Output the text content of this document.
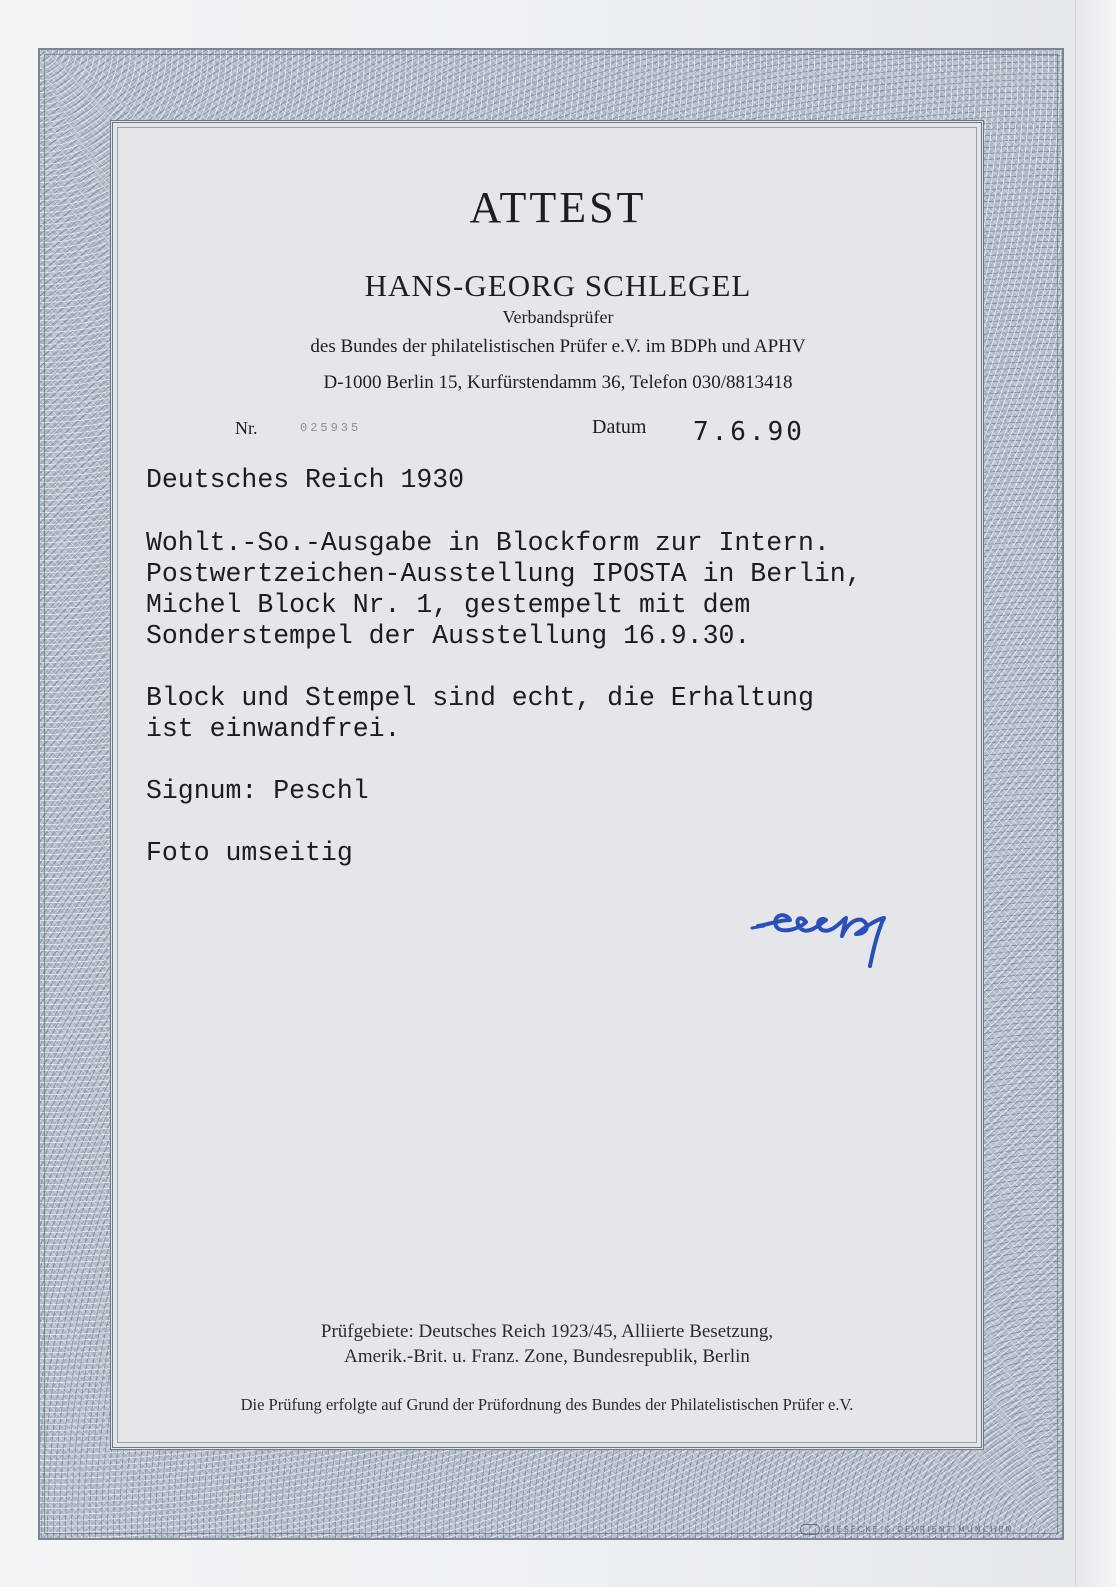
ATTEST
HANS-GEORG SCHLEGEL
Verbandsprüfer
des Bundes der philatelistischen Prüfer e.V. im BDPh und APHV
D-1000 Berlin 15, Kurfürstendamm 36, Telefon 030/8813418
Nr.	025935	Datum 7.6.90
Deutsches Reich 1930
Wohlt.-So.-Ausgabe in Blockform zur Intern.
Postwertzeichen-Ausstellung IPOSTA in Berlin,
Michel Block Nr. 1, gestempelt mit dem
Sonderstempel der Ausstellung 16.9.30.
Block und Stempel sind echt, die Erhaltung
ist einwandfrei.
Signum: Peschl
Foto umseitig
Prüfgebiete: Deutsches Reich 1923/45, Alliierte Besetzung,
Amerik.-Brit. u. Franz. Zone, Bundesrepublik, Berlin
Die Prüfung erfolgte auf Grund der Prüfordnung des Bundes der Philatelistischen Prüfer e.V.
GIESECKE & DEVRIENT MÜNCHEN
